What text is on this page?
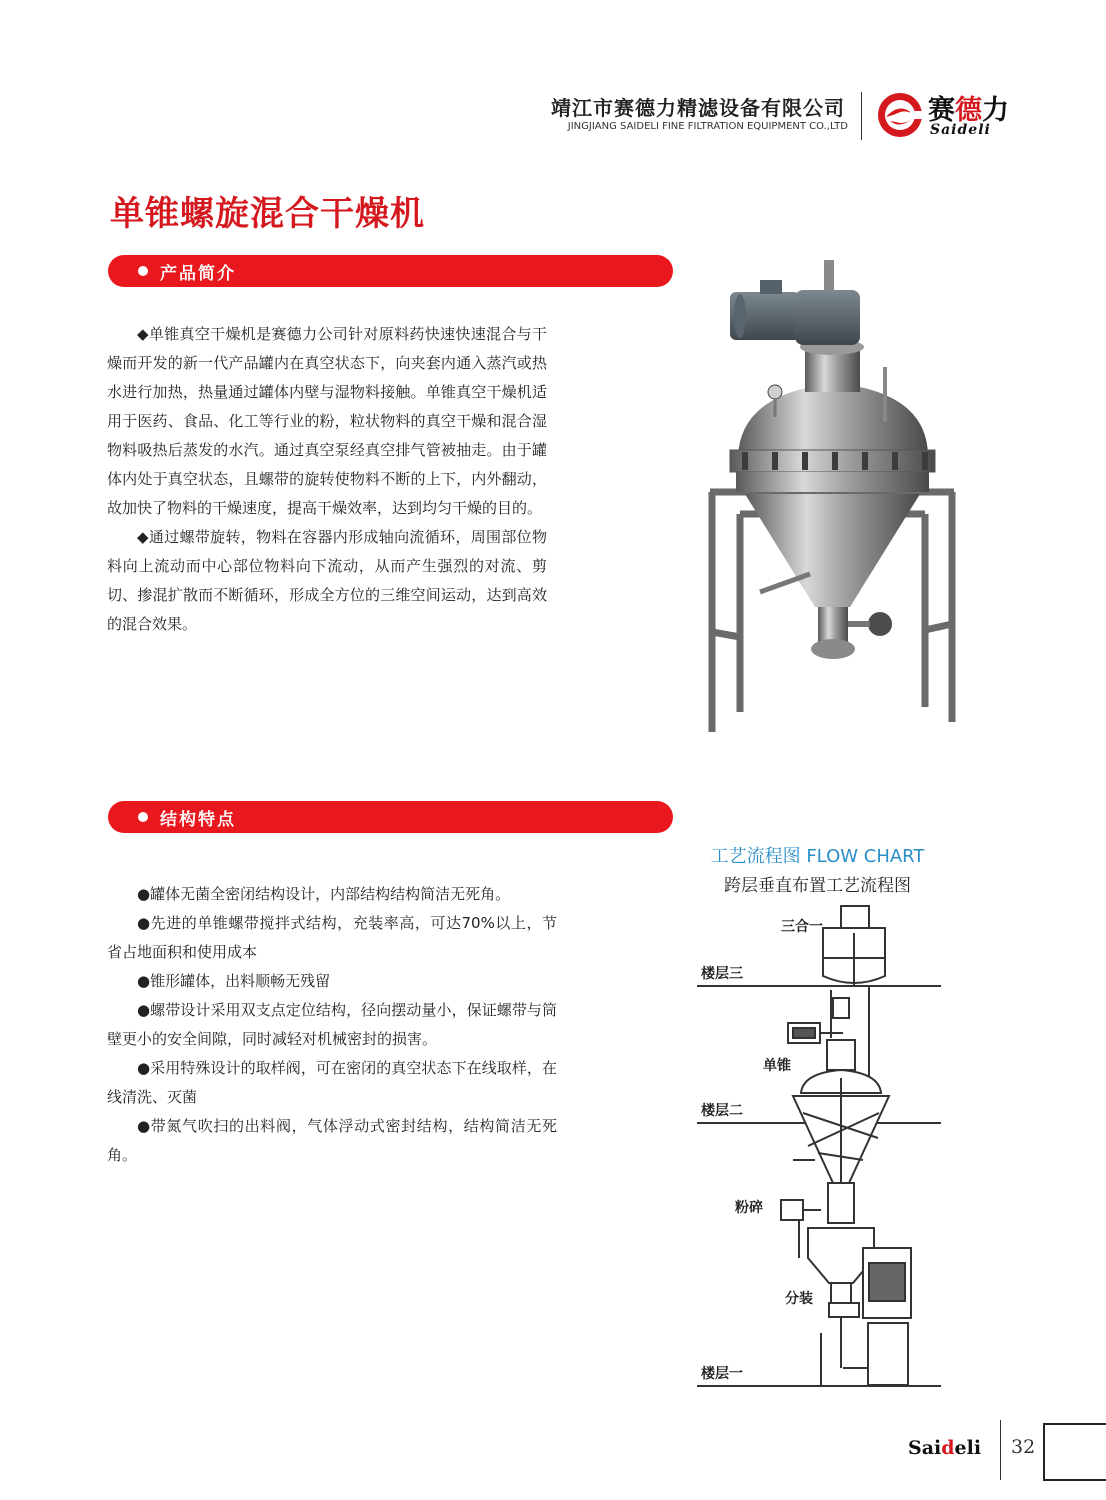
靖江市赛德力精滤设备有限公司
JINGJIANG SAIDELI FINE FILTRATION EQUIPMENT CO.,LTD
赛德力
Saideli
单锥螺旋混合干燥机
产品简介

◆单锥真空干燥机是赛德力公司针对原料药快速快速混合与干燥而开发的新一代产品罐内在真空状态下，向夹套内通入蒸汽或热水进行加热，热量通过罐体内壁与湿物料接触。单锥真空干燥机适用于医药、食品、化工等行业的粉，粒状物料的真空干燥和混合湿物料吸热后蒸发的水汽。通过真空泵经真空排气管被抽走。由于罐体内处于真空状态，且螺带的旋转使物料不断的上下，内外翻动，故加快了物料的干燥速度，提高干燥效率，达到均匀干燥的目的。

◆通过螺带旋转，物料在容器内形成轴向流循环，周围部位物料向上流动而中心部位物料向下流动，从而产生强烈的对流、剪切、掺混扩散而不断循环，形成全方位的三维空间运动，达到高效的混合效果。

结构特点

●罐体无菌全密闭结构设计，内部结构结构简洁无死角。

●先进的单锥螺带搅拌式结构，充装率高，可达70%以上，节省占地面积和使用成本

●锥形罐体，出料顺畅无残留

●螺带设计采用双支点定位结构，径向摆动量小，保证螺带与筒壁更小的安全间隙，同时减轻对机械密封的损害。

●采用特殊设计的取样阀，可在密闭的真空状态下在线取样，在线清洗、灭菌

●带氮气吹扫的出料阀，气体浮动式密封结构，结构简洁无死角。

工艺流程图 FLOW CHART
跨层垂直布置工艺流程图
三合一
楼层三
单锥
楼层二
粉碎
分装
楼层一
Saideli 32
